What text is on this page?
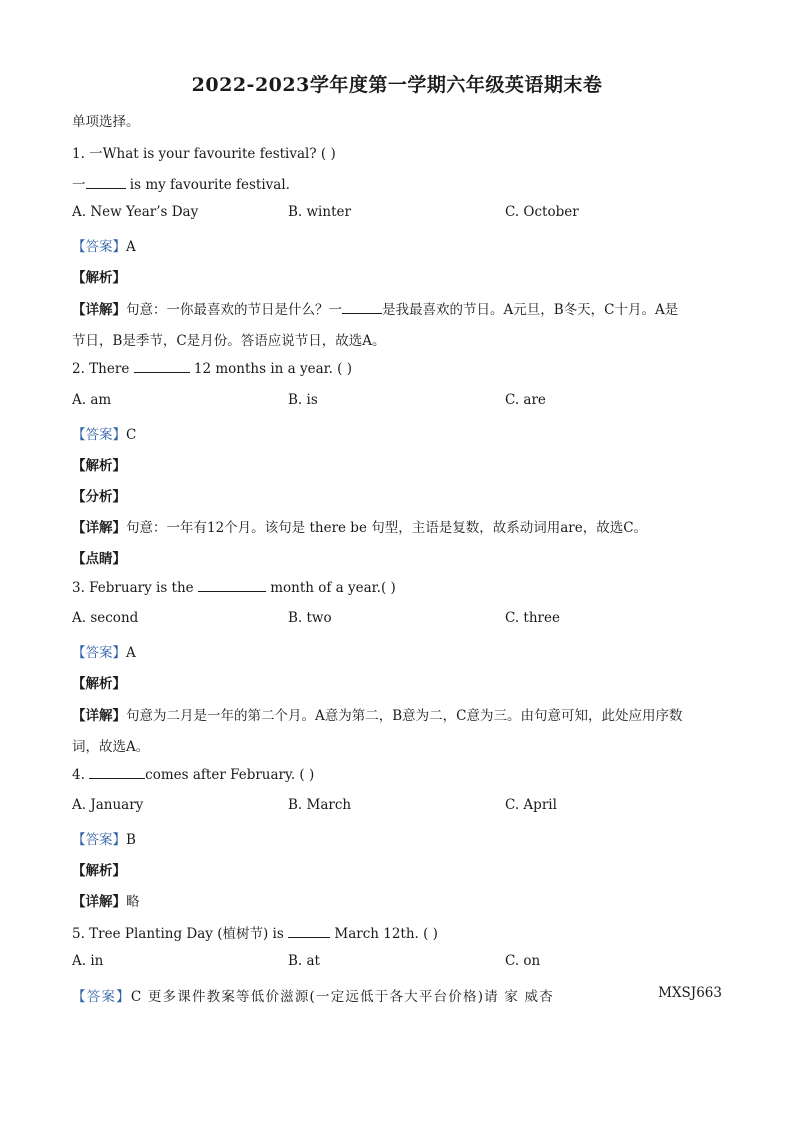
2022-2023学年度第一学期六年级英语期末卷
单项选择。
1. 一What is your favourite festival? ( )
一	is my favourite festival.
A. New Year’s Day	B. winter	C. October
【答案】A
【解析】
【详解】句意：一你最喜欢的节日是什么？一	是我最喜欢的节日。A元旦，B冬天，C十月。A是
节日，B是季节，C是月份。答语应说节日，故选A。
2. There	12 months in a year. ( )
A. am	B. is	C. are
【答案】C
【解析】
【分析】
【详解】句意：一年有12个月。该句是 there be 句型，主语是复数，故系动词用are，故选C。
【点睛】
3. February is the	month of a year.( )
A. second	B. two	C. three
【答案】A
【解析】
【详解】句意为二月是一年的第二个月。A意为第二，B意为二，C意为三。由句意可知，此处应用序数
词，故选A。
4.	comes after February. ( )
A. January	B. March	C. April
【答案】B
【解析】
【详解】略
5. Tree Planting Day (植树节) is	March 12th. ( )
A. in	B. at	C. on
【答案】C 更多课件教案等低价滋源(一定远低于各大平台价格)请 家 威杏	MXSJ663
